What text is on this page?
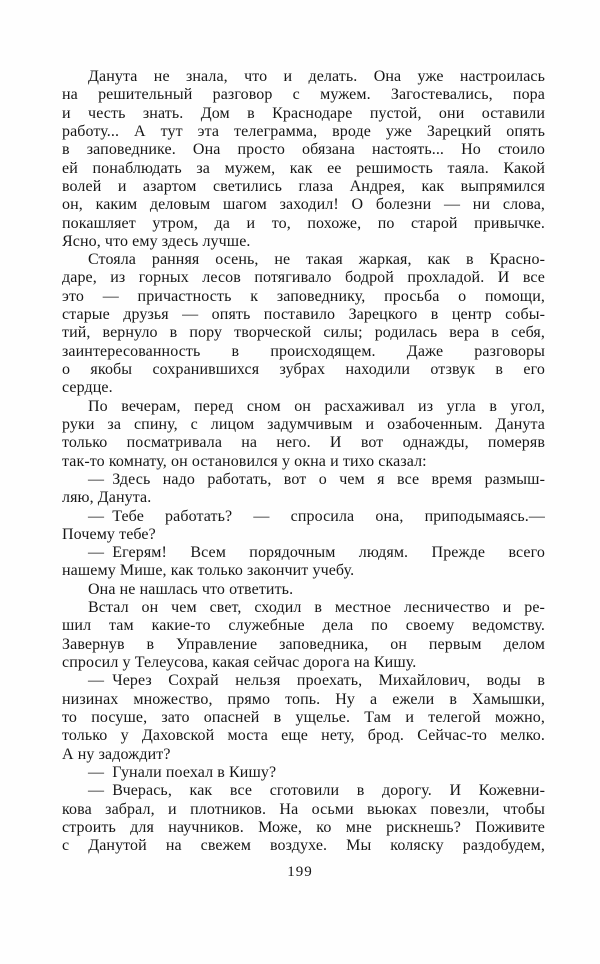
Данута не знала, что и делать. Она уже настроилась
на решительный разговор с мужем. Загостевались, пора
и честь знать. Дом в Краснодаре пустой, они оставили
работу... А тут эта телеграмма, вроде уже Зарецкий опять
в заповеднике. Она просто обязана настоять... Но стоило
ей понаблюдать за мужем, как ее решимость таяла. Какой
волей и азартом светились глаза Андрея, как выпрямился
он, каким деловым шагом заходил! О болезни — ни слова,
покашляет утром, да и то, похоже, по старой привычке.
Ясно, что ему здесь лучше.
Стояла ранняя осень, не такая жаркая, как в Красно-
даре, из горных лесов потягивало бодрой прохладой. И все
это — причастность к заповеднику, просьба о помощи,
старые друзья — опять поставило Зарецкого в центр собы-
тий, вернуло в пору творческой силы; родилась вера в себя,
заинтересованность в происходящем. Даже разговоры
о якобы сохранившихся зубрах находили отзвук в его
сердце.
По вечерам, перед сном он расхаживал из угла в угол,
руки за спину, с лицом задумчивым и озабоченным. Данута
только посматривала на него. И вот однажды, померяв
так-то комнату, он остановился у окна и тихо сказал:
— Здесь надо работать, вот о чем я все время размыш-
ляю, Данута.
— Тебе работать? — спросила она, приподымаясь.—
Почему тебе?
— Егерям! Всем порядочным людям. Прежде всего
нашему Мише, как только закончит учебу.
Она не нашлась что ответить.
Встал он чем свет, сходил в местное лесничество и ре-
шил там какие-то служебные дела по своему ведомству.
Завернув в Управление заповедника, он первым делом
спросил у Телеусова, какая сейчас дорога на Кишу.
— Через Сохрай нельзя проехать, Михайлович, воды в
низинах множество, прямо топь. Ну а ежели в Хамышки,
то посуше, зато опасней в ущелье. Там и телегой можно,
только у Даховской моста еще нету, брод. Сейчас-то мелко.
А ну задождит?
— Гунали поехал в Кишу?
— Вчерась, как все сготовили в дорогу. И Кожевни-
кова забрал, и плотников. На осьми вьюках повезли, чтобы
строить для научников. Може, ко мне рискнешь? Поживите
с Данутой на свежем воздухе. Мы коляску раздобудем,
199
